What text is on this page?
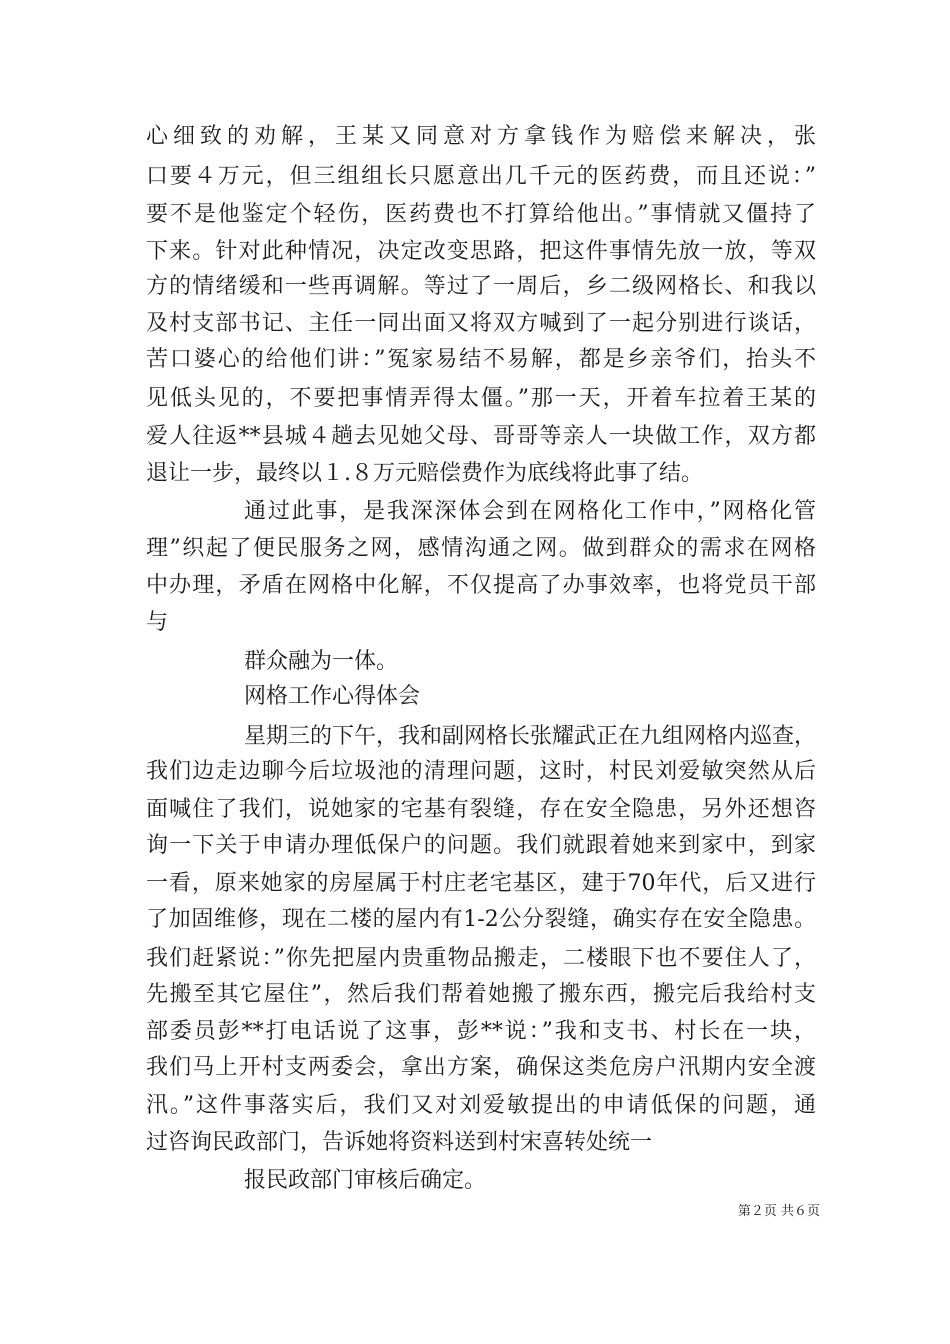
心细致的劝解，王某又同意对方拿钱作为赔偿来解决，张
口要４万元，但三组组长只愿意出几千元的医药费，而且还说：”
要不是他鉴定个轻伤，医药费也不打算给他出。”事情就又僵持了
下来。针对此种情况，决定改变思路，把这件事情先放一放，等双
方的情绪缓和一些再调解。等过了一周后，乡二级网格长、和我以
及村支部书记、主任一同出面又将双方喊到了一起分别进行谈话，
苦口婆心的给他们讲：”冤家易结不易解，都是乡亲爷们，抬头不
见低头见的，不要把事情弄得太僵。”那一天，开着车拉着王某的
爱人往返**县城４趟去见她父母、哥哥等亲人一块做工作，双方都
退让一步，最终以１.８万元赔偿费作为底线将此事了结。
通过此事，是我深深体会到在网格化工作中，”网格化管
理”织起了便民服务之网，感情沟通之网。做到群众的需求在网格
中办理，矛盾在网格中化解，不仅提高了办事效率，也将党员干部
与
群众融为一体。
网格工作心得体会
星期三的下午，我和副网格长张耀武正在九组网格内巡查，
我们边走边聊今后垃圾池的清理问题，这时，村民刘爱敏突然从后
面喊住了我们，说她家的宅基有裂缝，存在安全隐患，另外还想咨
询一下关于申请办理低保户的问题。我们就跟着她来到家中，到家
一看，原来她家的房屋属于村庄老宅基区，建于70年代，后又进行
了加固维修，现在二楼的屋内有1-2公分裂缝，确实存在安全隐患。
我们赶紧说：”你先把屋内贵重物品搬走，二楼眼下也不要住人了，
先搬至其它屋住”，然后我们帮着她搬了搬东西，搬完后我给村支
部委员彭**打电话说了这事，彭**说：”我和支书、村长在一块，
我们马上开村支两委会，拿出方案，确保这类危房户汛期内安全渡
汛。”这件事落实后，我们又对刘爱敏提出的申请低保的问题，通
过咨询民政部门，告诉她将资料送到村宋喜转处统一
报民政部门审核后确定。
第２页 共６页
